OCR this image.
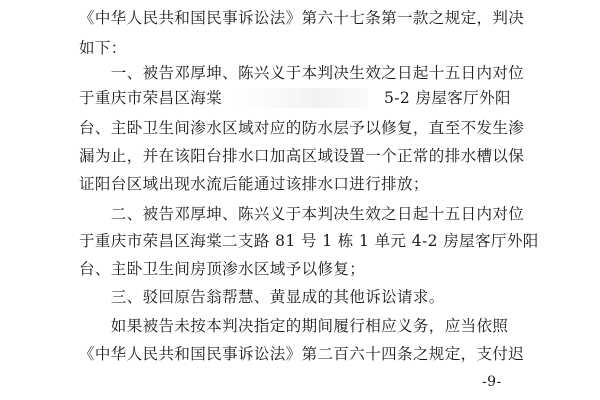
《中华人民共和国民事诉讼法》第六十七条第一款之规定，判决
如下：
　　一、被告邓厚坤、陈兴义于本判决生效之日起十五日内对位
于重庆市荣昌区海棠	5-2 房屋客厅外阳
台、主卧卫生间渗水区域对应的防水层予以修复，直至不发生渗
漏为止，并在该阳台排水口加高区域设置一个正常的排水槽以保
证阳台区域出现水流后能通过该排水口进行排放；
　　二、被告邓厚坤、陈兴义于本判决生效之日起十五日内对位
于重庆市荣昌区海棠二支路 81 号 1 栋 1 单元 4-2 房屋客厅外阳
台、主卧卫生间房顶渗水区域予以修复；
　　三、驳回原告翁帮慧、黄显成的其他诉讼请求。
　　如果被告未按本判决指定的期间履行相应义务，应当依照
《中华人民共和国民事诉讼法》第二百六十四条之规定，支付迟
-9-
